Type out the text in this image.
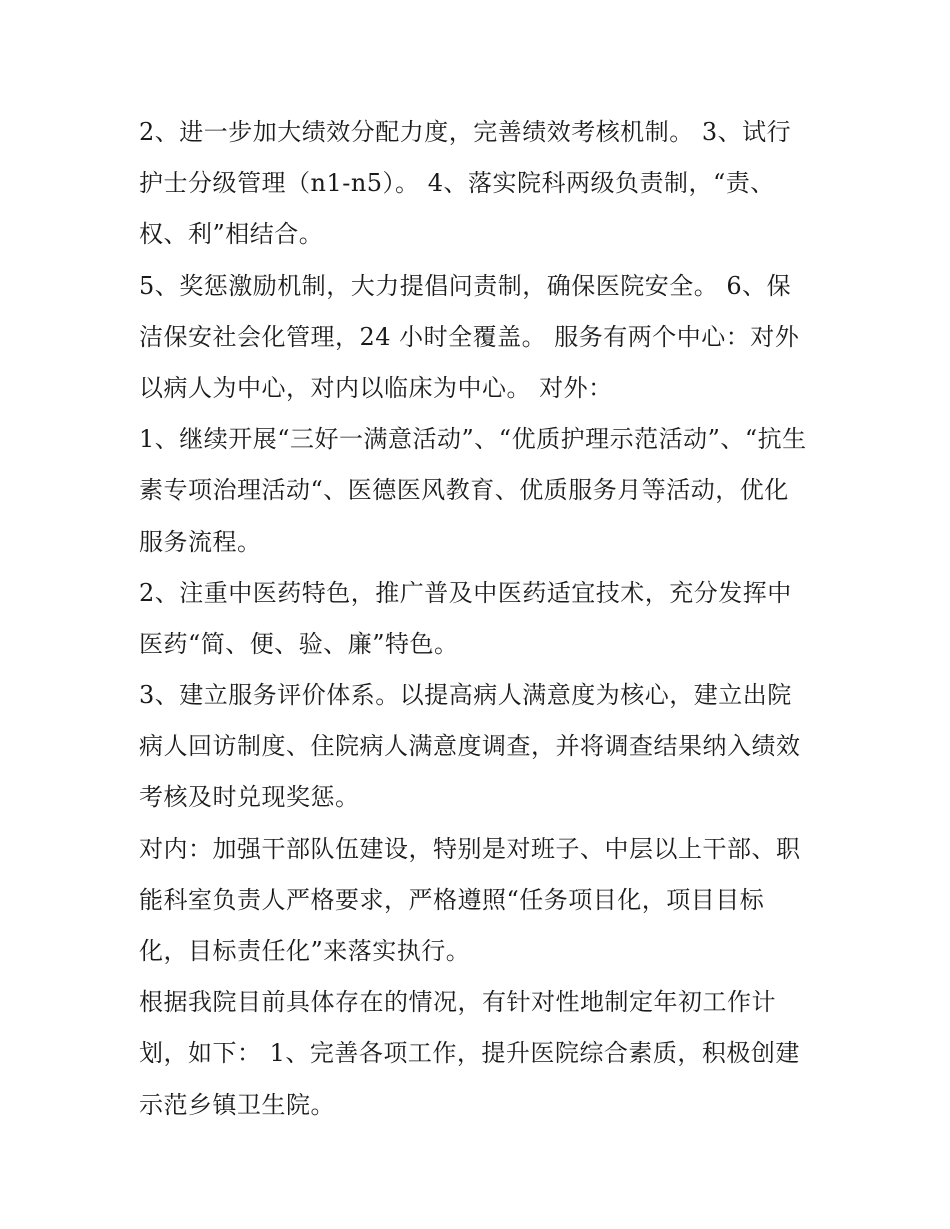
2、进一步加大绩效分配力度，完善绩效考核机制。 3、试行
护士分级管理（n1-n5）。 4、落实院科两级负责制，“责、
权、利”相结合。
5、奖惩激励机制，大力提倡问责制，确保医院安全。 6、保
洁保安社会化管理，24 小时全覆盖。 服务有两个中心：对外
以病人为中心，对内以临床为中心。 对外：
1、继续开展“三好一满意活动”、“优质护理示范活动”、“抗生
素专项治理活动“、医德医风教育、优质服务月等活动，优化
服务流程。
2、注重中医药特色，推广普及中医药适宜技术，充分发挥中
医药“简、便、验、廉”特色。
3、建立服务评价体系。以提高病人满意度为核心，建立出院
病人回访制度、住院病人满意度调查，并将调查结果纳入绩效
考核及时兑现奖惩。
对内：加强干部队伍建设，特别是对班子、中层以上干部、职
能科室负责人严格要求，严格遵照“任务项目化，项目目标
化，目标责任化”来落实执行。
根据我院目前具体存在的情况，有针对性地制定年初工作计
划，如下： 1、完善各项工作，提升医院综合素质，积极创建
示范乡镇卫生院。
